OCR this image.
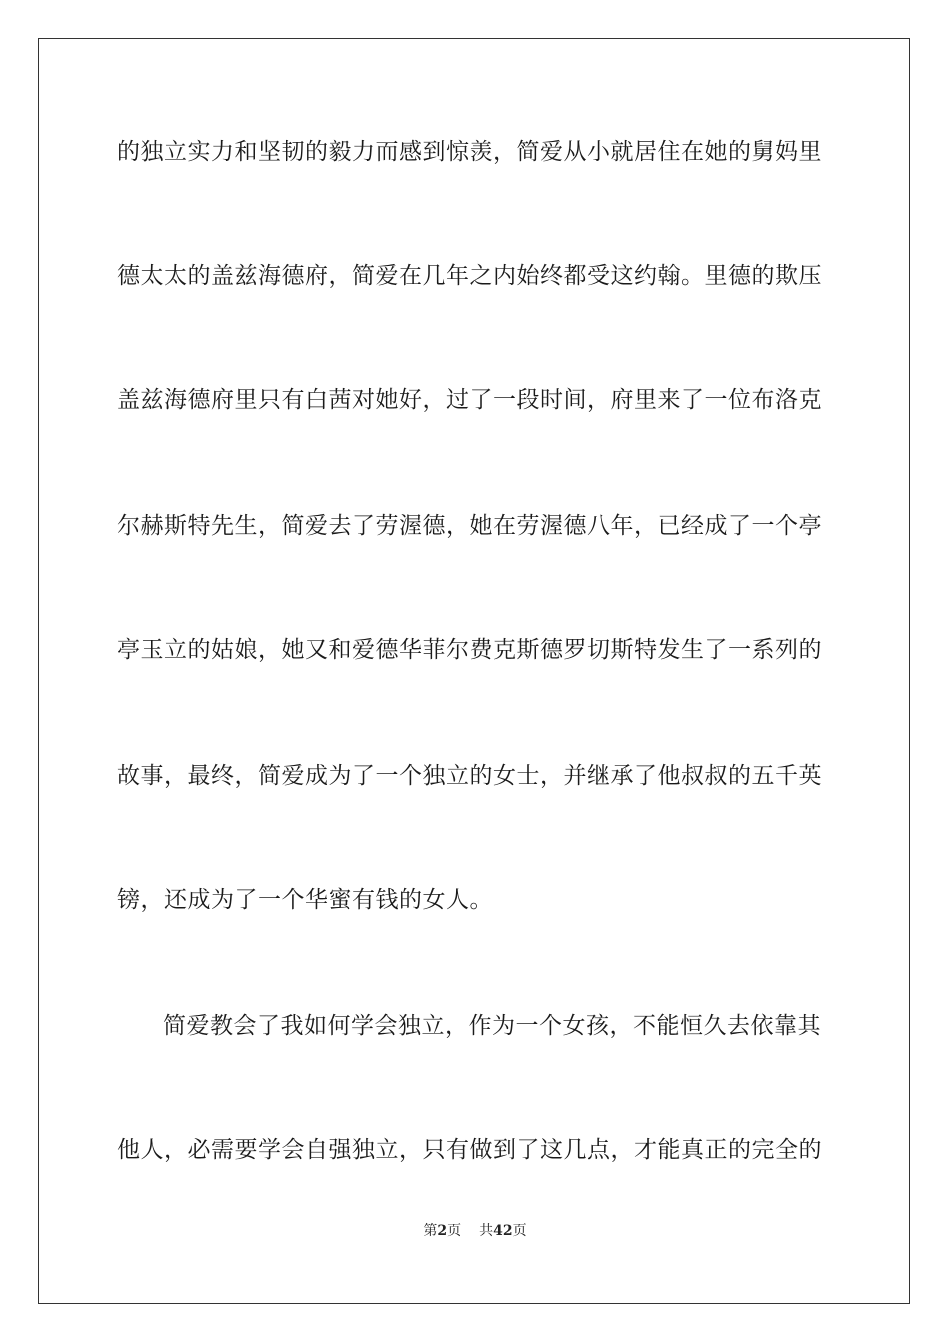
的独立实力和坚韧的毅力而感到惊羡，简爱从小就居住在她的舅妈里

德太太的盖兹海德府，简爱在几年之内始终都受这约翰。里德的欺压

盖兹海德府里只有白茜对她好，过了一段时间，府里来了一位布洛克

尔赫斯特先生，简爱去了劳渥德，她在劳渥德八年，已经成了一个亭

亭玉立的姑娘，她又和爱德华菲尔费克斯德罗切斯特发生了一系列的

故事，最终，简爱成为了一个独立的女士，并继承了他叔叔的五千英

镑，还成为了一个华蜜有钱的女人。

简爱教会了我如何学会独立，作为一个女孩，不能恒久去依靠其

他人，必需要学会自强独立，只有做到了这几点，才能真正的完全的

第2页 共42页
